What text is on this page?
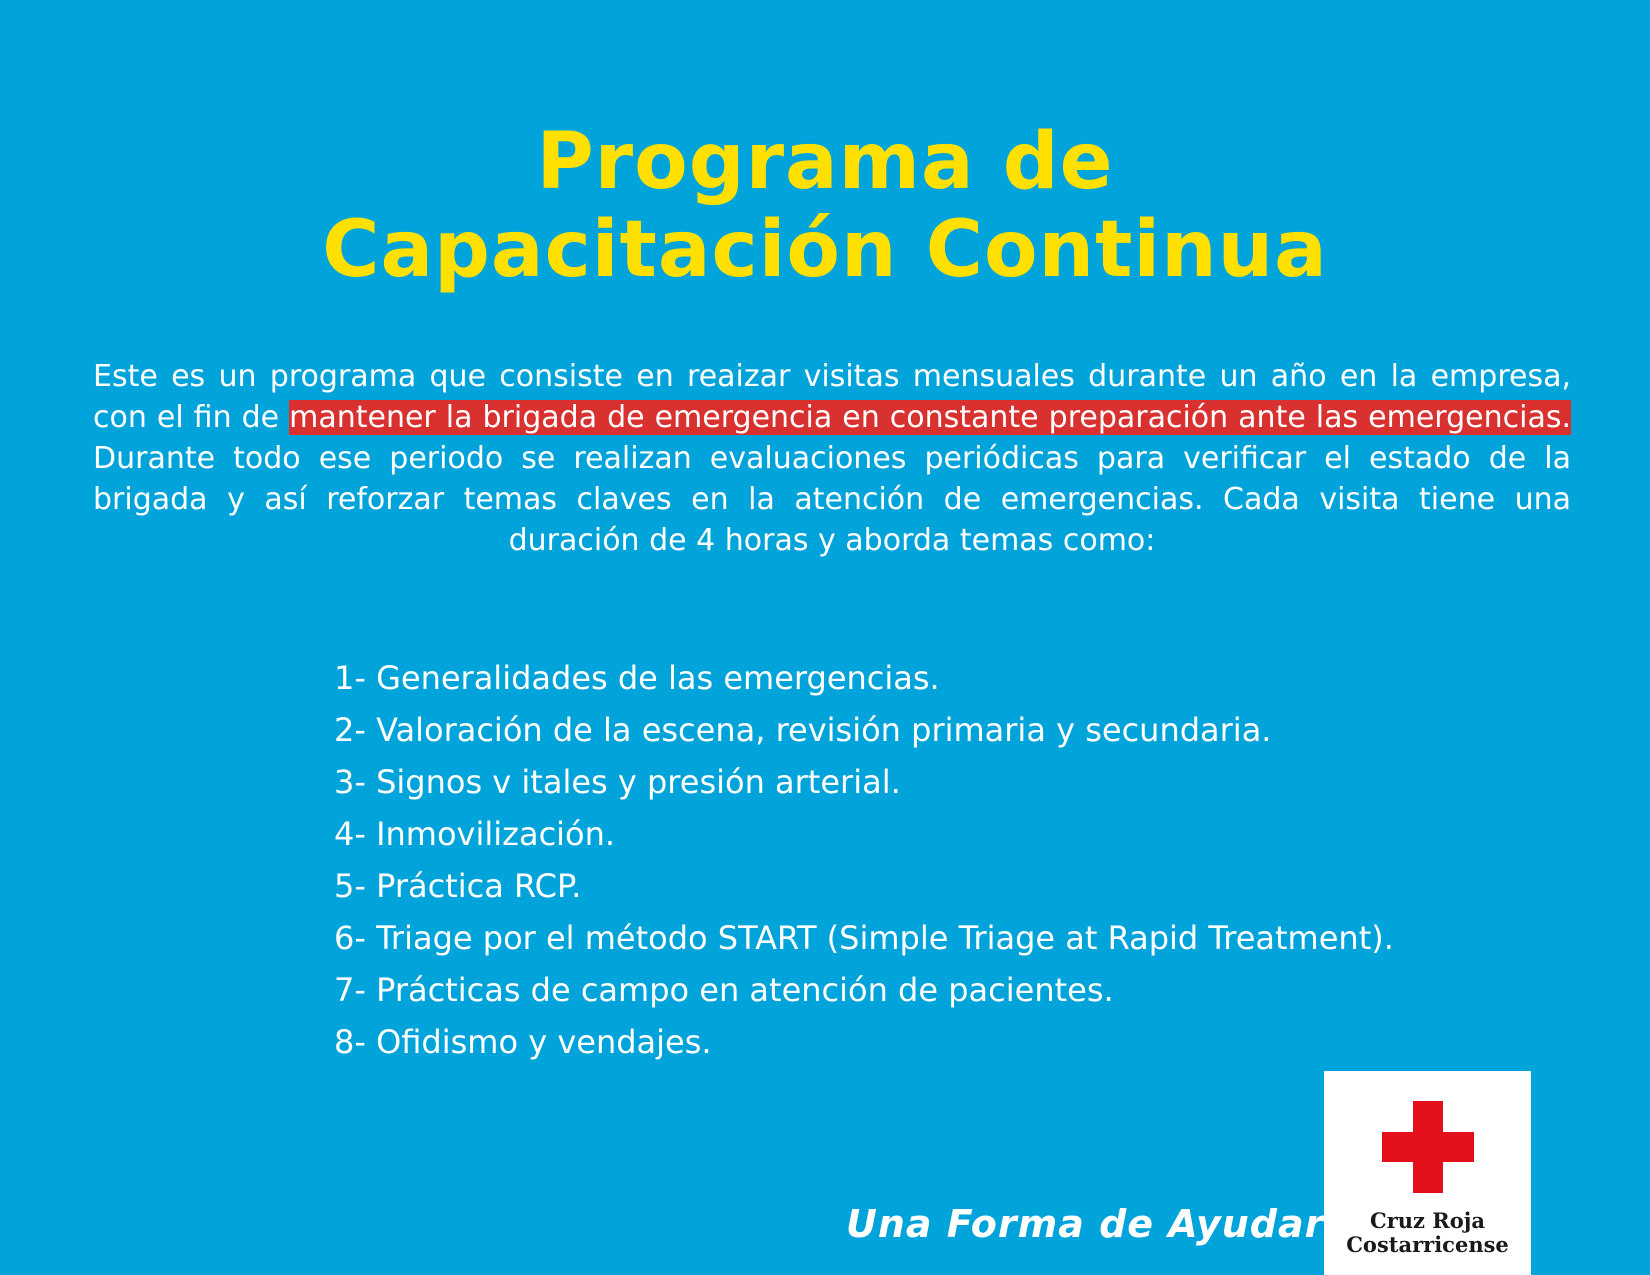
Programa de
Capacitación Continua

Este es un programa que consiste en reaizar visitas mensuales durante un año en la empresa, con el fin de mantener la brigada de emergencia en constante preparación ante las emergencias. Durante todo ese periodo se realizan evaluaciones periódicas para verificar el estado de la brigada y así reforzar temas claves en la atención de emergencias. Cada visita tiene una duración de 4 horas y aborda temas como:

1- Generalidades de las emergencias.
2- Valoración de la escena, revisión primaria y secundaria.
3- Signos v itales y presión arterial.
4- Inmovilización.
5- Práctica RCP.
6- Triage por el método START (Simple Triage at Rapid Treatment).
7- Prácticas de campo en atención de pacientes.
8- Ofidismo y vendajes.
Una Forma de Ayudar	Cruz Roja
Costarricense
